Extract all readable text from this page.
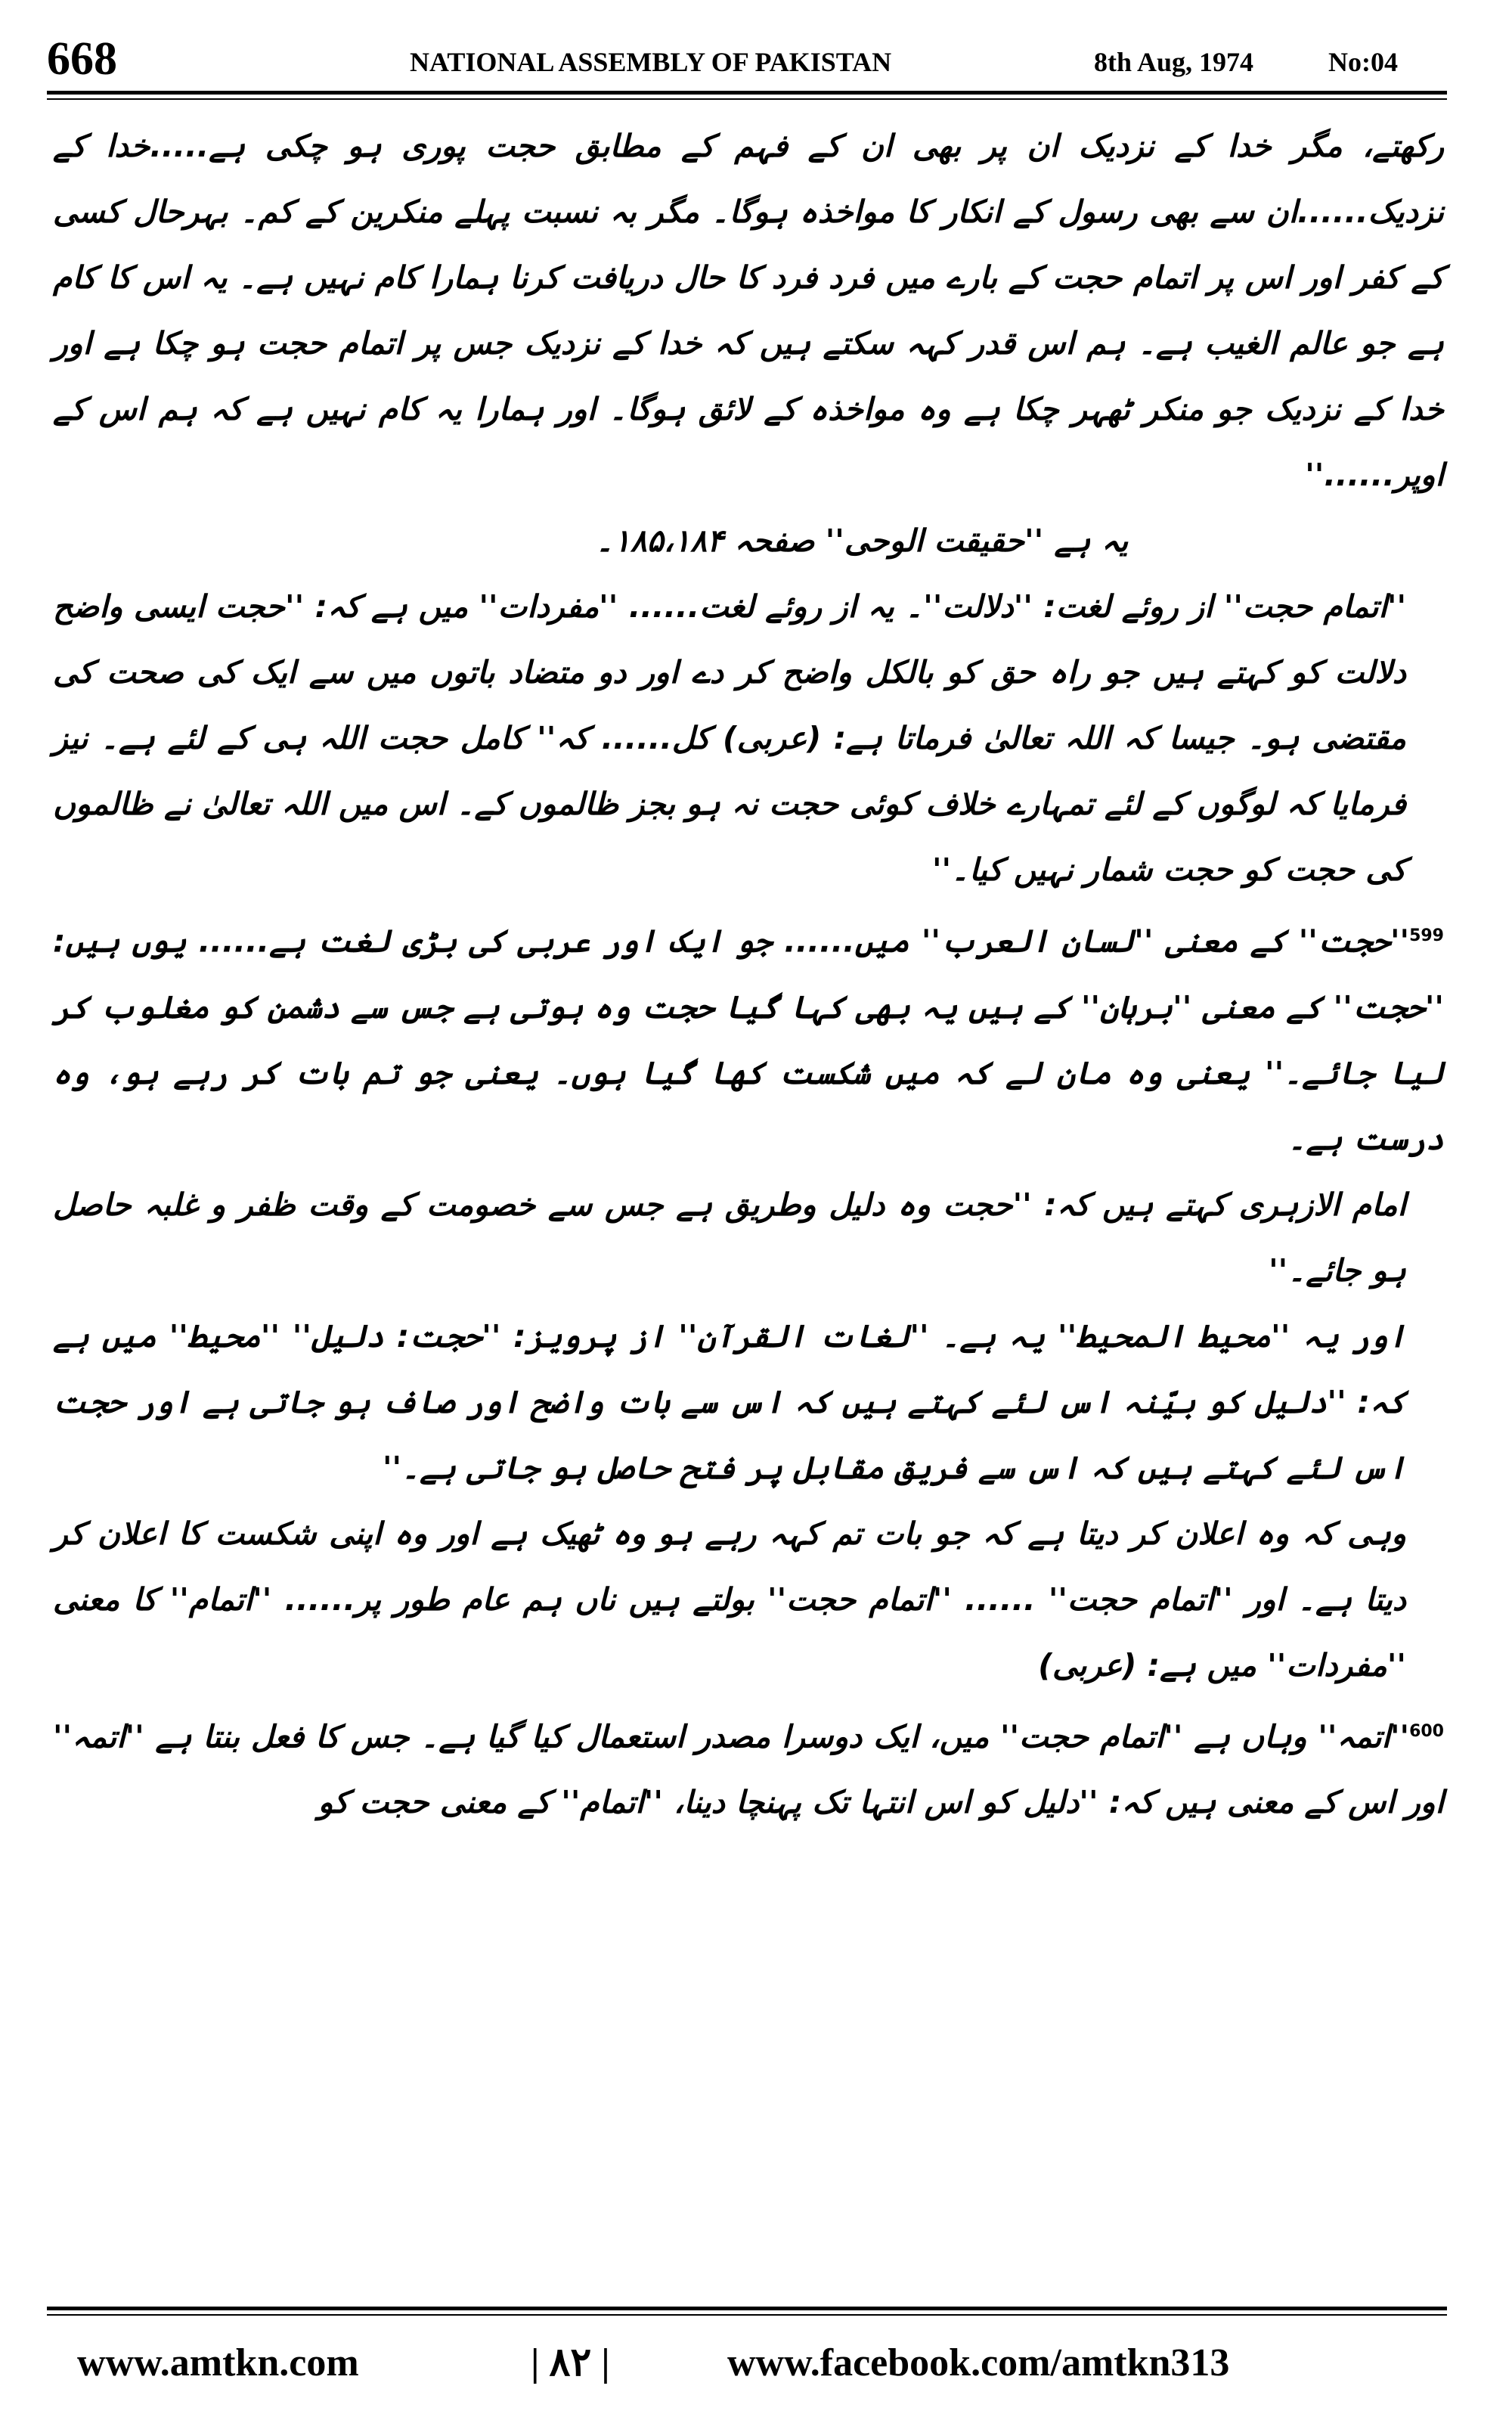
668	NATIONAL ASSEMBLY OF PAKISTAN	8th Aug, 1974	No:04

رکھتے، مگر خدا کے نزدیک ان پر بھی ان کے فہم کے مطابق حجت پوری ہو چکی ہے.....خدا کے نزدیک......ان سے بھی رسول کے انکار کا مواخذہ ہوگا۔ مگر بہ نسبت پہلے منکرین کے کم۔ بہرحال کسی کے کفر اور اس پر اتمام حجت کے بارے میں فرد فرد کا حال دریافت کرنا ہمارا کام نہیں ہے۔ یہ اس کا کام ہے جو عالم الغیب ہے۔ ہم اس قدر کہہ سکتے ہیں کہ خدا کے نزدیک جس پر اتمام حجت ہو چکا ہے اور خدا کے نزدیک جو منکر ٹھہر چکا ہے وہ مواخذہ کے لائق ہوگا۔ اور ہمارا یہ کام نہیں ہے کہ ہم اس کے اوپر......''

یہ ہے ''حقیقت الوحی'' صفحہ ۱۸۵،۱۸۴۔

''اتمام حجت'' از روئے لغت: ''دلالت''۔ یہ از روئے لغت...... ''مفردات'' میں ہے کہ: ''حجت ایسی واضح دلالت کو کہتے ہیں جو راہ حق کو بالکل واضح کر دے اور دو متضاد باتوں میں سے ایک کی صحت کی مقتضی ہو۔ جیسا کہ اللہ تعالیٰ فرماتا ہے: (عربی) کل...... کہ'' کامل حجت اللہ ہی کے لئے ہے۔ نیز فرمایا کہ لوگوں کے لئے تمہارے خلاف کوئی حجت نہ ہو بجز ظالموں کے۔ اس میں اللہ تعالیٰ نے ظالموں کی حجت کو حجت شمار نہیں کیا۔''

$^{599}$''حجت'' کے معنی ''لسان العرب'' میں...... جو ایک اور عربی کی بڑی لغت ہے...... یوں ہیں: ''حجت'' کے معنی ''برہان'' کے ہیں یہ بھی کہا گیا حجت وہ ہوتی ہے جس سے دشمن کو مغلوب کر لیا جائے۔'' یعنی وہ مان لے کہ میں شکست کھا گیا ہوں۔ یعنی جو تم بات کر رہے ہو، وہ درست ہے۔

امام الازہری کہتے ہیں کہ: ''حجت وہ دلیل وطریق ہے جس سے خصومت کے وقت ظفر و غلبہ حاصل ہو جائے۔''

اور یہ ''محیط المحیط'' یہ ہے۔ ''لغات القرآن'' از پرویز: ''حجت: دلیل'' ''محیط'' میں ہے کہ: ''دلیل کو بیّنہ اس لئے کہتے ہیں کہ اس سے بات واضح اور صاف ہو جاتی ہے اور حجت اس لئے کہتے ہیں کہ اس سے فریق مقابل پر فتح حاصل ہو جاتی ہے۔''

وہی کہ وہ اعلان کر دیتا ہے کہ جو بات تم کہہ رہے ہو وہ ٹھیک ہے اور وہ اپنی شکست کا اعلان کر دیتا ہے۔ اور ''اتمام حجت'' ...... ''اتمام حجت'' بولتے ہیں ناں ہم عام طور پر...... ''اتمام'' کا معنی ''مفردات'' میں ہے: (عربی)

$^{600}$''اتمہ'' وہاں ہے ''اتمام حجت'' میں، ایک دوسرا مصدر استعمال کیا گیا ہے۔ جس کا فعل بنتا ہے ''اتمہ'' اور اس کے معنی ہیں کہ: ''دلیل کو اس انتہا تک پہنچا دینا، ''اتمام'' کے معنی حجت کو

www.amtkn.com	| ۸۲ |	www.facebook.com/amtkn313
